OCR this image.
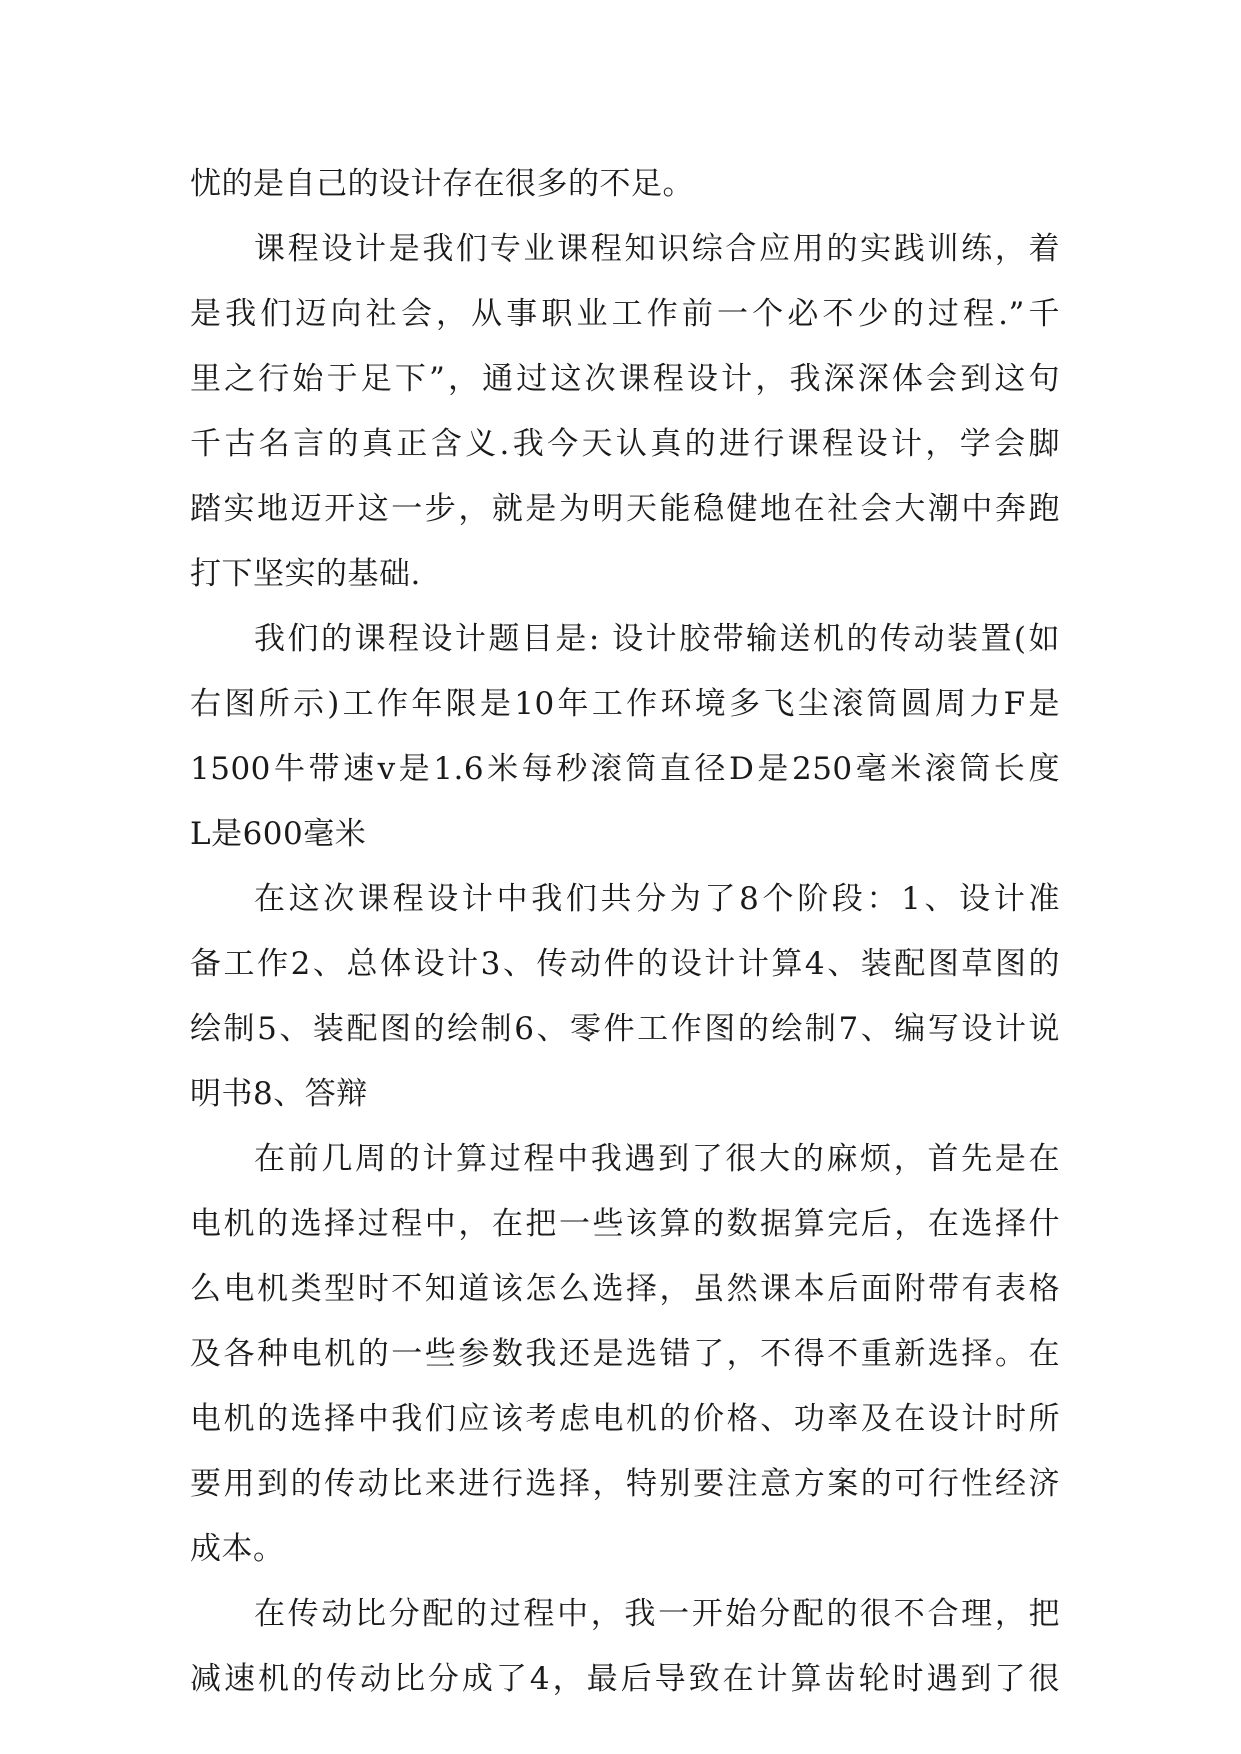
忧的是自己的设计存在很多的不足。
课程设计是我们专业课程知识综合应用的实践训练，着
是我们迈向社会，从事职业工作前一个必不少的过程.”千
里之行始于足下”，通过这次课程设计，我深深体会到这句
千古名言的真正含义.我今天认真的进行课程设计，学会脚
踏实地迈开这一步，就是为明天能稳健地在社会大潮中奔跑
打下坚实的基础.
我们的课程设计题目是: 设计胶带输送机的传动装置(如
右图所示)工作年限是10年工作环境多飞尘滚筒圆周力F是
1500牛带速v是1.6米每秒滚筒直径D是250毫米滚筒长度
L是600毫米
在这次课程设计中我们共分为了8个阶段：1、设计准
备工作2、总体设计3、传动件的设计计算4、装配图草图的
绘制5、装配图的绘制6、零件工作图的绘制7、编写设计说
明书8、答辩
在前几周的计算过程中我遇到了很大的麻烦，首先是在
电机的选择过程中，在把一些该算的数据算完后，在选择什
么电机类型时不知道该怎么选择，虽然课本后面附带有表格
及各种电机的一些参数我还是选错了，不得不重新选择。在
电机的选择中我们应该考虑电机的价格、功率及在设计时所
要用到的传动比来进行选择，特别要注意方案的可行性经济
成本。
在传动比分配的过程中，我一开始分配的很不合理，把
减速机的传动比分成了4，最后导致在计算齿轮时遇到了很
